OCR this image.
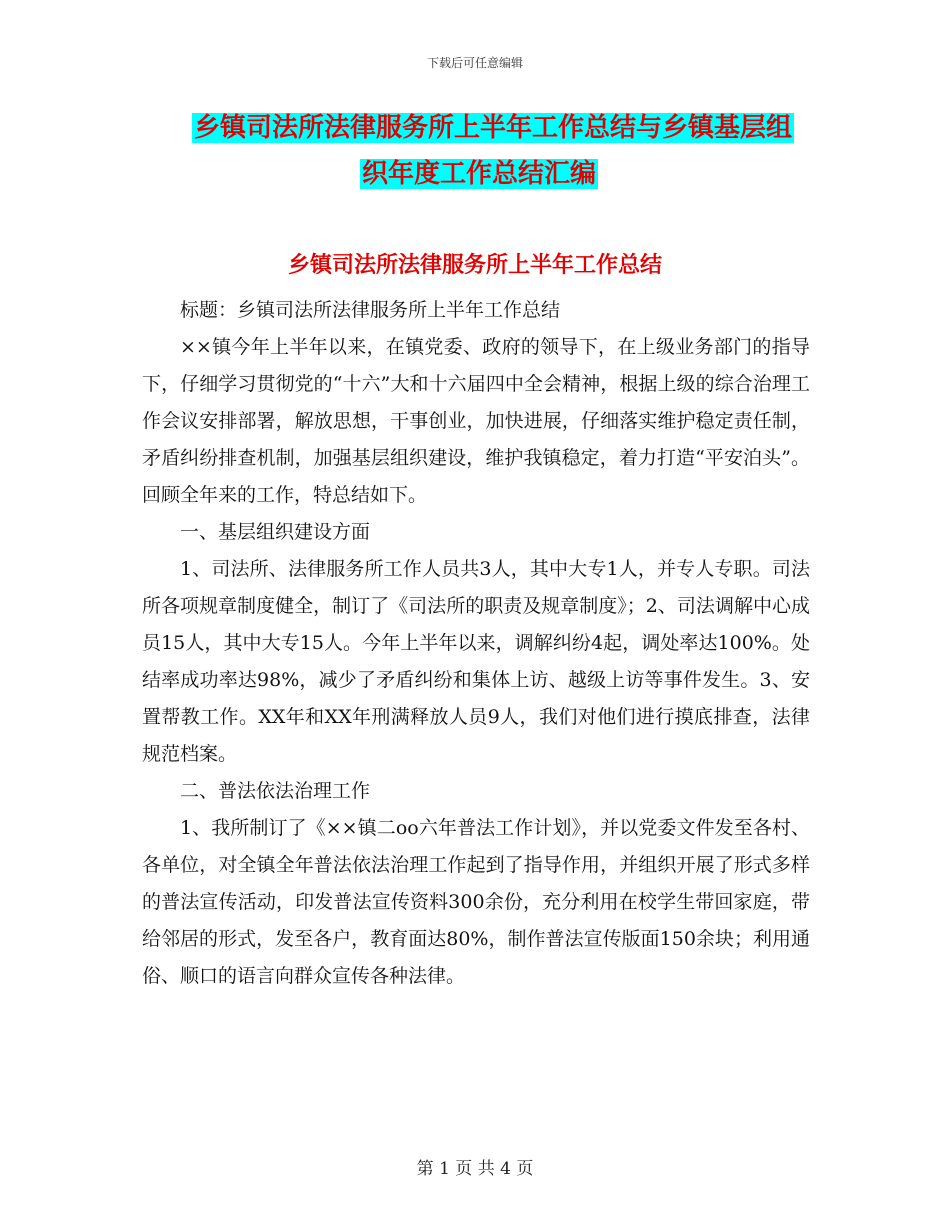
下载后可任意编辑
乡镇司法所法律服务所上半年工作总结与乡镇基层组
织年度工作总结汇编
乡镇司法所法律服务所上半年工作总结

标题：乡镇司法所法律服务所上半年工作总结

××镇今年上半年以来，在镇党委、政府的领导下，在上级业务部门的指导下，仔细学习贯彻党的“十六”大和十六届四中全会精神，根据上级的综合治理工作会议安排部署，解放思想，干事创业，加快进展，仔细落实维护稳定责任制，矛盾纠纷排查机制，加强基层组织建设，维护我镇稳定，着力打造“平安泊头”。回顾全年来的工作，特总结如下。

一、基层组织建设方面

1、司法所、法律服务所工作人员共3人，其中大专1人，并专人专职。司法所各项规章制度健全，制订了《司法所的职责及规章制度》；2、司法调解中心成员15人，其中大专15人。今年上半年以来，调解纠纷4起，调处率达100%。处结率成功率达98%，减少了矛盾纠纷和集体上访、越级上访等事件发生。3、安置帮教工作。XX年和XX年刑满释放人员9人，我们对他们进行摸底排查，法律规范档案。

二、普法依法治理工作

1、我所制订了《××镇二oo六年普法工作计划》，并以党委文件发至各村、各单位，对全镇全年普法依法治理工作起到了指导作用，并组织开展了形式多样的普法宣传活动，印发普法宣传资料300余份，充分利用在校学生带回家庭，带给邻居的形式，发至各户，教育面达80%，制作普法宣传版面150余块；利用通俗、顺口的语言向群众宣传各种法律。

第 1 页 共 4 页
